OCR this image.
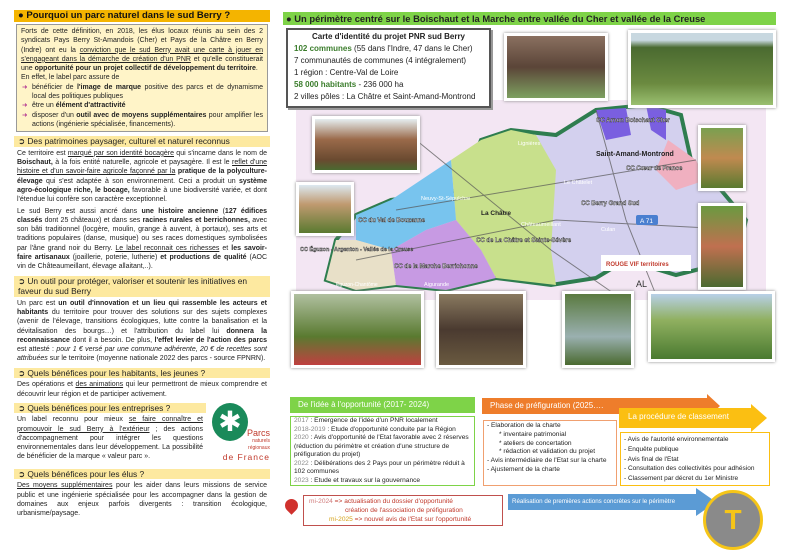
● Pourquoi un parc naturel dans le sud Berry ?
Forts de cette définition, en 2018, les élus locaux réunis au sein des 2 syndicats Pays Berry St-Amandois (Cher) et Pays de la Châtre en Berry (Indre) ont eu la conviction que le sud Berry avait une carte à jouer en s'engageant dans la démarche de création d'un PNR et qu'elle constituerait une opportunité pour un projet collectif de développement du territoire.
En effet, le label parc assure de
➜ bénéficier de l'image de marque positive des parcs et de dynamisme local des politiques publiques
➜ être un élément d'attractivité
➜ disposer d'un outil avec de moyens supplémentaires pour amplifier les actions (ingénierie spécialisée, financements).
➲ Des patrimoines paysager, culturel et naturel reconnus
Ce territoire est marqué par son identité bocagère qui s'incarne dans le nom de Boischaut, à la fois entité naturelle, agricole et paysagère. Il est le reflet d'une histoire et d'un savoir-faire agricole façonné par la pratique de la polyculture-élevage qui s'est adaptée à son environnement. Ceci a produit un système agro-écologique riche, le bocage, favorable à une biodiversité variée, et dont l'étendue lui confère son caractère exceptionnel.
Le sud Berry est aussi ancré dans une histoire ancienne (127 édifices classés dont 25 châteaux) et dans ses racines rurales et berrichonnes, avec son bâti traditionnel (locgère, moulin, grange à auvent, à portaux), ses arts et traditions populaires (danse, musique) ou ses races domestiques symbolisées par l'âne grand noir du Berry. Le label reconnait ces richesses et les savoir-faire artisanaux (joaillerie, poterie, lutherie) et productions de qualité (AOC vin de Châteaumeillant, élevage allaitant,..).
➲ Un outil pour protéger, valoriser et soutenir les initiatives en faveur du sud Berry
Un parc est un outil d'innovation et un lieu qui rassemble les acteurs et habitants du territoire pour trouver des solutions sur des sujets complexes (avenir de l'élevage, transitions écologiques, lutte contre la banalisation et la dévitalisation des bourgs…) et l'attribution du label lui donnera la reconnaissance dont il a besoin. De plus, l'effet levier de l'action des parcs est attesté : pour 1 € versé par une commune adhérente, 20 € de recettes sont attribuées sur le territoire (moyenne nationale 2022 des parcs - source FPNRN).
➲ Quels bénéfices pour les habitants, les jeunes ?
Des opérations et des animations qui leur permettront de mieux comprendre et découvrir leur région et de participer activement.
➲ Quels bénéfices pour les entreprises ?
Un label reconnu pour mieux se faire connaître et promouvoir le sud Berry à l'extérieur ; des actions d'accompagnement pour intégrer les questions environnementales dans leur développement. La possibilité de bénéficier de la marque « valeur parc ».
✱ Parcs
naturels
régionaux
de France
➲ Quels bénéfices pour les élus ?
Des moyens supplémentaires pour les aider dans leurs missions de service public et une ingénierie spécialisée pour les accompagner dans la gestion de domaines aux enjeux parfois divergents : transition écologique, urbanisme/paysage.
● Un périmètre centré sur le Boischaut et la Marche entre vallée du Cher et vallée de la Creuse
CC Arnon Boischaut Cher
CC Cœur de France
CC Berry Grand Sud
CC de La Châtre et Sainte-Sévère
CC du Val de Bouzanne
CC de la Marche Berrichonne
CC Éguzon - Argenton - Vallée de la Creuse
Saint-Amand-Montrond
La Châtre
Neuvy-St-Sépulchre
Châteaumeillant
Le Châtelet
Culan
Aigurande
Lignières
Éguzon-Chantôme
A 71
ROUGE VIF territoires
AL
Carte d'identité du projet PNR sud Berry
102 communes (55 dans l'Indre, 47 dans le Cher)
7 communautés de communes (4 intégralement)
1 région : Centre-Val de Loire
58 000 habitants - 236 000 ha
2 villes pôles : La Châtre et Saint-Amand-Montrond
De l'idée à l'opportunité (2017- 2024)
2017 : Emergence de l'idée d'un PNR localement
2018-2019 : Etude d'opportunité conduite par la Région
2020 : Avis d'opportunité de l'Etat favorable avec 2 réserves (réduction du périmètre et création d'une structure de préfiguration du projet)
2022 : Délibérations des 2 Pays pour un périmètre réduit à 102 communes
2023 : Etude et travaux sur la gouvernance
mi-2024 => actualisation du dossier d'opportunité
création de l'association de préfiguration
mi-2025 => nouvel avis de l'Etat sur l'opportunité
Phase de préfiguration (2025….
- Elaboration de la charte
* inventaire patrimonial
* ateliers de concertation
* rédaction et validation du projet
- Avis intermédiaire de l'Etat sur la charte
- Ajustement de la charte
La procédure de classement
- Avis de l'autorité environnementale
- Enquête publique
- Avis final de l'Etat
- Consultation des collectivités pour adhésion
- Classement par décret du 1er Ministre
Réalisation de premières actions concrètes sur le périmètre
T
